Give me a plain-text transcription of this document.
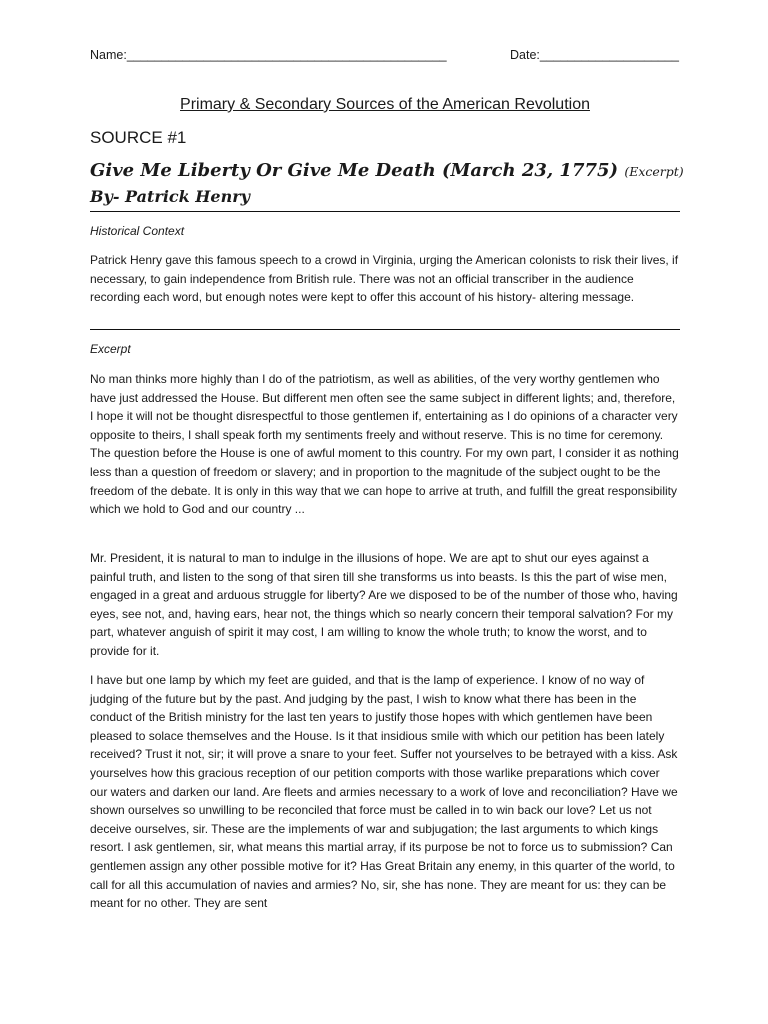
Name:______________________________________________	Date:____________________
Primary & Secondary Sources of the American Revolution
SOURCE #1
Give Me Liberty Or Give Me Death (March 23, 1775) (Excerpt)
By- Patrick Henry
Historical Context

Patrick Henry gave this famous speech to a crowd in Virginia, urging the American colonists to risk their lives, if necessary, to gain independence from British rule. There was not an official transcriber in the audience recording each word, but enough notes were kept to offer this account of his history- altering message.

Excerpt

No man thinks more highly than I do of the patriotism, as well as abilities, of the very worthy gentlemen who have just addressed the House. But different men often see the same subject in different lights; and, therefore, I hope it will not be thought disrespectful to those gentlemen if, entertaining as I do opinions of a character very opposite to theirs, I shall speak forth my sentiments freely and without reserve. This is no time for ceremony. The question before the House is one of awful moment to this country. For my own part, I consider it as nothing less than a question of freedom or slavery; and in proportion to the magnitude of the subject ought to be the freedom of the debate. It is only in this way that we can hope to arrive at truth, and fulfill the great responsibility which we hold to God and our country ...

Mr. President, it is natural to man to indulge in the illusions of hope. We are apt to shut our eyes against a painful truth, and listen to the song of that siren till she transforms us into beasts. Is this the part of wise men, engaged in a great and arduous struggle for liberty? Are we disposed to be of the number of those who, having eyes, see not, and, having ears, hear not, the things which so nearly concern their temporal salvation? For my part, whatever anguish of spirit it may cost, I am willing to know the whole truth; to know the worst, and to provide for it.

I have but one lamp by which my feet are guided, and that is the lamp of experience. I know of no way of judging of the future but by the past. And judging by the past, I wish to know what there has been in the conduct of the British ministry for the last ten years to justify those hopes with which gentlemen have been pleased to solace themselves and the House. Is it that insidious smile with which our petition has been lately received? Trust it not, sir; it will prove a snare to your feet. Suffer not yourselves to be betrayed with a kiss. Ask yourselves how this gracious reception of our petition comports with those warlike preparations which cover our waters and darken our land. Are fleets and armies necessary to a work of love and reconciliation? Have we shown ourselves so unwilling to be reconciled that force must be called in to win back our love? Let us not deceive ourselves, sir. These are the implements of war and subjugation; the last arguments to which kings resort. I ask gentlemen, sir, what means this martial array, if its purpose be not to force us to submission? Can gentlemen assign any other possible motive for it? Has Great Britain any enemy, in this quarter of the world, to call for all this accumulation of navies and armies? No, sir, she has none. They are meant for us: they can be meant for no other. They are sent
